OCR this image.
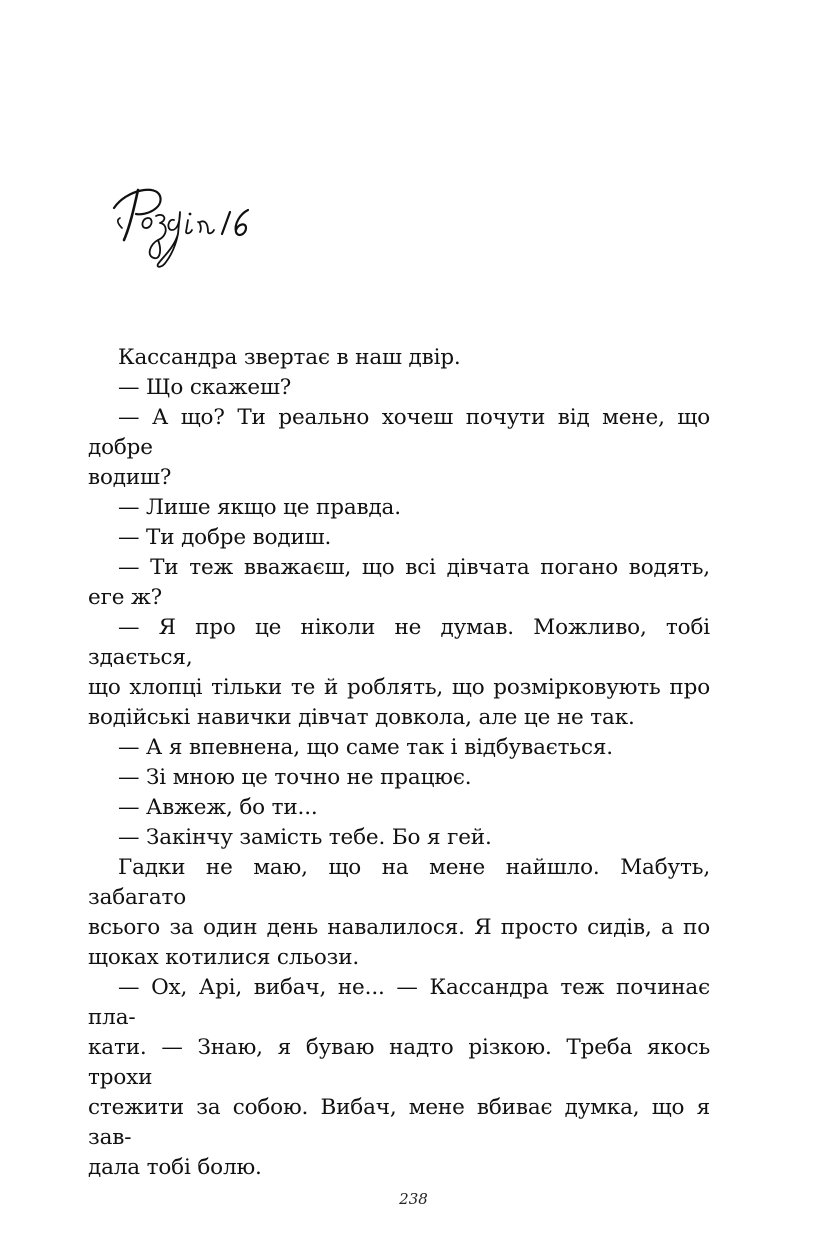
Кассандра звертає в наш двір.

— Що скажеш?

— А що? Ти реально хочеш почути від мене, що добре
водиш?

— Лише якщо це правда.

— Ти добре водиш.

— Ти теж вважаєш, що всі дівчата погано водять, еге ж?

— Я про це ніколи не думав. Можливо, тобі здається,
що хлопці тільки те й роблять, що розмірковують про
водійські навички дівчат довкола, але це не так.

— А я впевнена, що саме так і відбувається.

— Зі мною це точно не працює.

— Авжеж, бо ти...

— Закінчу замість тебе. Бо я гей.

Гадки не маю, що на мене найшло. Мабуть, забагато
всього за один день навалилося. Я просто сидів, а по
щоках котилися сльози.

— Ох, Арі, вибач, не... — Кассандра теж починає пла-
кати. — Знаю, я буваю надто різкою. Треба якось трохи
стежити за собою. Вибач, мене вбиває думка, що я зав-
дала тобі болю.

238
